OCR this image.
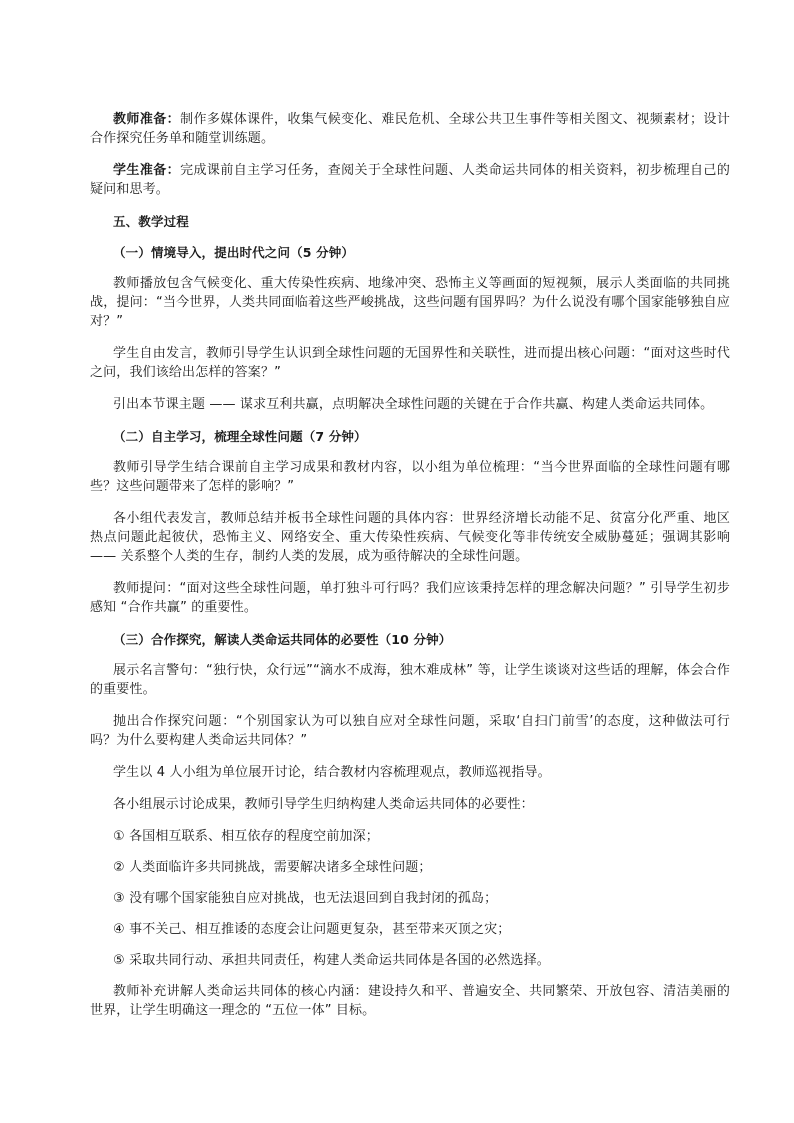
教师准备：制作多媒体课件，收集气候变化、难民危机、全球公共卫生事件等相关图文、视频素材；设计合作探究任务单和随堂训练题。

学生准备：完成课前自主学习任务，查阅关于全球性问题、人类命运共同体的相关资料，初步梳理自己的疑问和思考。

五、教学过程

（一）情境导入，提出时代之问（5 分钟）

教师播放包含气候变化、重大传染性疾病、地缘冲突、恐怖主义等画面的短视频，展示人类面临的共同挑战，提问：“当今世界，人类共同面临着这些严峻挑战，这些问题有国界吗？为什么说没有哪个国家能够独自应对？”

学生自由发言，教师引导学生认识到全球性问题的无国界性和关联性，进而提出核心问题：“面对这些时代之问，我们该给出怎样的答案？”

引出本节课主题 —— 谋求互利共赢，点明解决全球性问题的关键在于合作共赢、构建人类命运共同体。

（二）自主学习，梳理全球性问题（7 分钟）

教师引导学生结合课前自主学习成果和教材内容，以小组为单位梳理：“当今世界面临的全球性问题有哪些？这些问题带来了怎样的影响？”

各小组代表发言，教师总结并板书全球性问题的具体内容：世界经济增长动能不足、贫富分化严重、地区热点问题此起彼伏，恐怖主义、网络安全、重大传染性疾病、气候变化等非传统安全威胁蔓延；强调其影响 —— 关系整个人类的生存，制约人类的发展，成为亟待解决的全球性问题。

教师提问：“面对这些全球性问题，单打独斗可行吗？我们应该秉持怎样的理念解决问题？” 引导学生初步感知 “合作共赢” 的重要性。

（三）合作探究，解读人类命运共同体的必要性（10 分钟）

展示名言警句：“独行快，众行远”“滴水不成海，独木难成林” 等，让学生谈谈对这些话的理解，体会合作的重要性。

抛出合作探究问题：“个别国家认为可以独自应对全球性问题，采取‘自扫门前雪’的态度，这种做法可行吗？为什么要构建人类命运共同体？”

学生以 4 人小组为单位展开讨论，结合教材内容梳理观点，教师巡视指导。

各小组展示讨论成果，教师引导学生归纳构建人类命运共同体的必要性：

① 各国相互联系、相互依存的程度空前加深；

② 人类面临许多共同挑战，需要解决诸多全球性问题；

③ 没有哪个国家能独自应对挑战，也无法退回到自我封闭的孤岛；

④ 事不关己、相互推诿的态度会让问题更复杂，甚至带来灭顶之灾；

⑤ 采取共同行动、承担共同责任，构建人类命运共同体是各国的必然选择。

教师补充讲解人类命运共同体的核心内涵：建设持久和平、普遍安全、共同繁荣、开放包容、清洁美丽的世界，让学生明确这一理念的 “五位一体” 目标。
